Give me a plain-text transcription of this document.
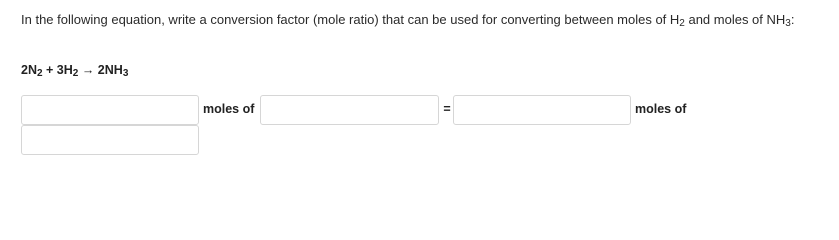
In the following equation, write a conversion factor (mole ratio) that can be used for converting between moles of $H_2$ and moles of $NH_3$:
$2N_2 + 3H_2 \to 2NH_3$
moles of	=	moles of
